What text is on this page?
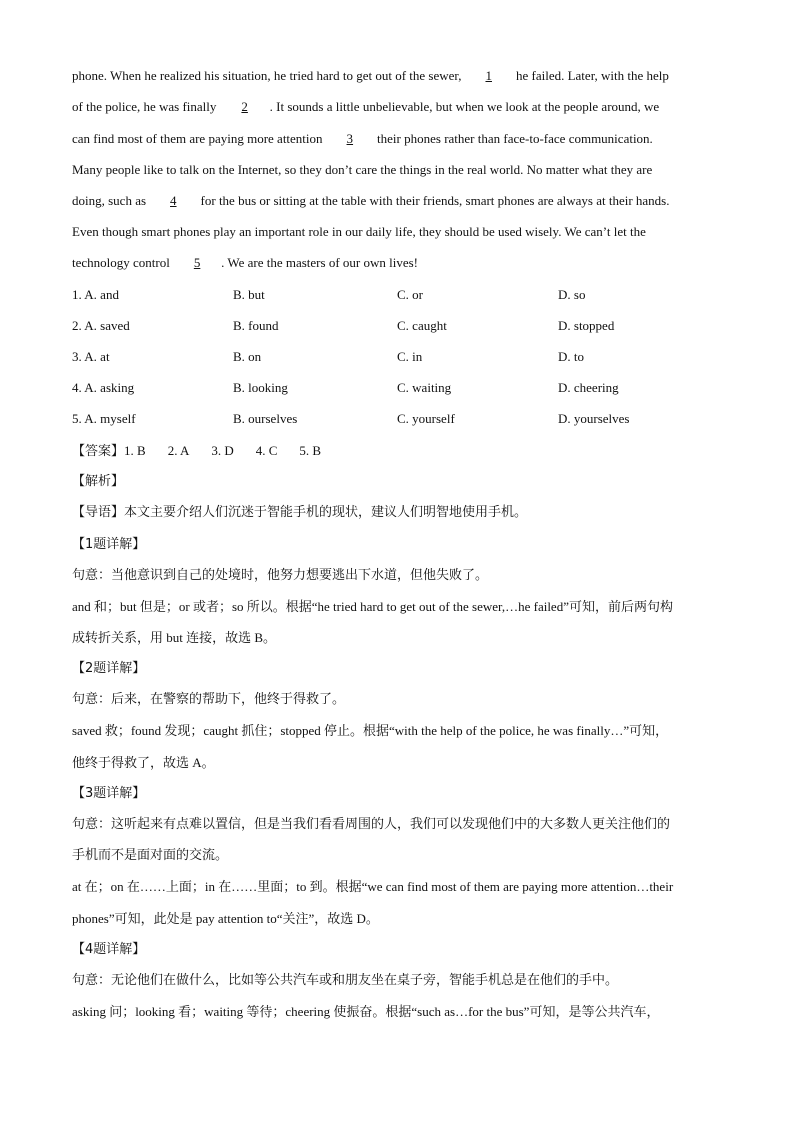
phone. When he realized his situation, he tried hard to get out of the sewer, 1 he failed. Later, with the help
of the police, he was finally 2 . It sounds a little unbelievable, but when we look at the people around, we
can find most of them are paying more attention 3 their phones rather than face-to-face communication.
Many people like to talk on the Internet, so they don’t care the things in the real world. No matter what they are
doing, such as 4 for the bus or sitting at the table with their friends, smart phones are always at their hands.
Even though smart phones play an important role in our daily life, they should be used wisely. We can’t let the
technology control 5 . We are the masters of our own lives!
1. A. and	B. but	C. or	D. so
2. A. saved	B. found	C. caught	D. stopped
3. A. at	B. on	C. in	D. to
4. A. asking	B. looking	C. waiting	D. cheering
5. A. myself	B. ourselves	C. yourself	D. yourselves
【答案】1. B 2. A 3. D 4. C 5. B
【解析】
【导语】本文主要介绍人们沉迷于智能手机的现状，建议人们明智地使用手机。
【1题详解】
句意：当他意识到自己的处境时，他努力想要逃出下水道，但他失败了。
and 和；but 但是；or 或者；so 所以。根据“he tried hard to get out of the sewer,…he failed”可知，前后两句构
成转折关系，用 but 连接，故选 B。
【2题详解】
句意：后来，在警察的帮助下，他终于得救了。
saved 救；found 发现；caught 抓住；stopped 停止。根据“with the help of the police, he was finally…”可知，
他终于得救了，故选 A。
【3题详解】
句意：这听起来有点难以置信，但是当我们看看周围的人，我们可以发现他们中的大多数人更关注他们的
手机而不是面对面的交流。
at 在；on 在……上面；in 在……里面；to 到。根据“we can find most of them are paying more attention…their
phones”可知，此处是 pay attention to“关注”，故选 D。
【4题详解】
句意：无论他们在做什么，比如等公共汽车或和朋友坐在桌子旁，智能手机总是在他们的手中。
asking 问；looking 看；waiting 等待；cheering 使振奋。根据“such as…for the bus”可知，是等公共汽车，
